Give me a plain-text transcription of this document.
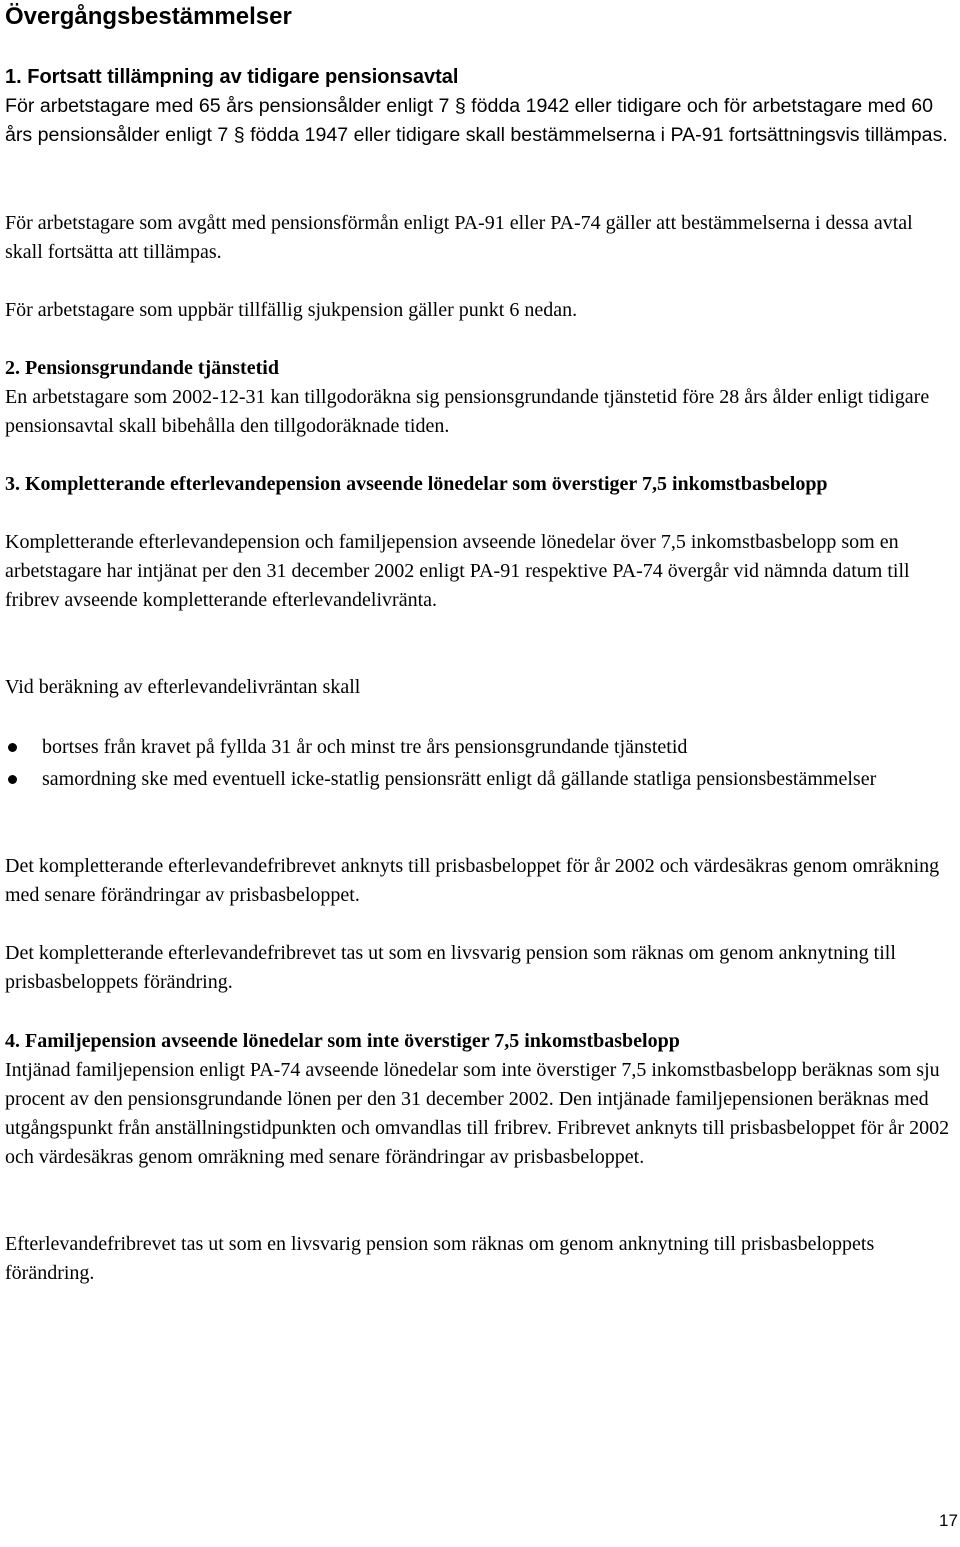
Övergångsbestämmelser

1. Fortsatt tillämpning av tidigare pensionsavtal

För arbetstagare med 65 års pensionsålder enligt 7 § födda 1942 eller tidigare och för arbetstagare med 60 års pensionsålder enligt 7 § födda 1947 eller tidigare skall bestämmelserna i PA-91 fortsättningsvis tillämpas.

För arbetstagare som avgått med pensionsförmån enligt PA-91 eller PA-74 gäller att bestämmelserna i dessa avtal skall fortsätta att tillämpas.

För arbetstagare som uppbär tillfällig sjukpension gäller punkt 6 nedan.

2. Pensionsgrundande tjänstetid

En arbetstagare som 2002-12-31 kan tillgodoräkna sig pensionsgrundande tjänstetid före 28 års ålder enligt tidigare pensionsavtal skall bibehålla den tillgodoräknade tiden.

3. Kompletterande efterlevandepension avseende lönedelar som överstiger 7,5 inkomstbasbelopp

Kompletterande efterlevandepension och familjepension avseende lönedelar över 7,5 inkomstbasbelopp som en arbetstagare har intjänat per den 31 december 2002 enligt PA-91 respektive PA-74 övergår vid nämnda datum till fribrev avseende kompletterande efterlevandelivränta.

Vid beräkning av efterlevandelivräntan skall

bortses från kravet på fyllda 31 år och minst tre års pensionsgrundande tjänstetid
samordning ske med eventuell icke-statlig pensionsrätt enligt då gällande statliga pensionsbestämmelser

Det kompletterande efterlevandefribrevet anknyts till prisbasbeloppet för år 2002 och värdesäkras genom omräkning med senare förändringar av prisbasbeloppet.

Det kompletterande efterlevandefribrevet tas ut som en livsvarig pension som räknas om genom anknytning till prisbasbeloppets förändring.

4. Familjepension avseende lönedelar som inte överstiger 7,5 inkomstbasbelopp

Intjänad familjepension enligt PA-74 avseende lönedelar som inte överstiger 7,5 inkomstbasbelopp beräknas som sju procent av den pensionsgrundande lönen per den 31 december 2002. Den intjänade familjepensionen beräknas med utgångspunkt från anställningstidpunkten och omvandlas till fribrev. Fribrevet anknyts till prisbasbeloppet för år 2002 och värdesäkras genom omräkning med senare förändringar av prisbasbeloppet.

Efterlevandefribrevet tas ut som en livsvarig pension som räknas om genom anknytning till prisbasbeloppets förändring.

17
